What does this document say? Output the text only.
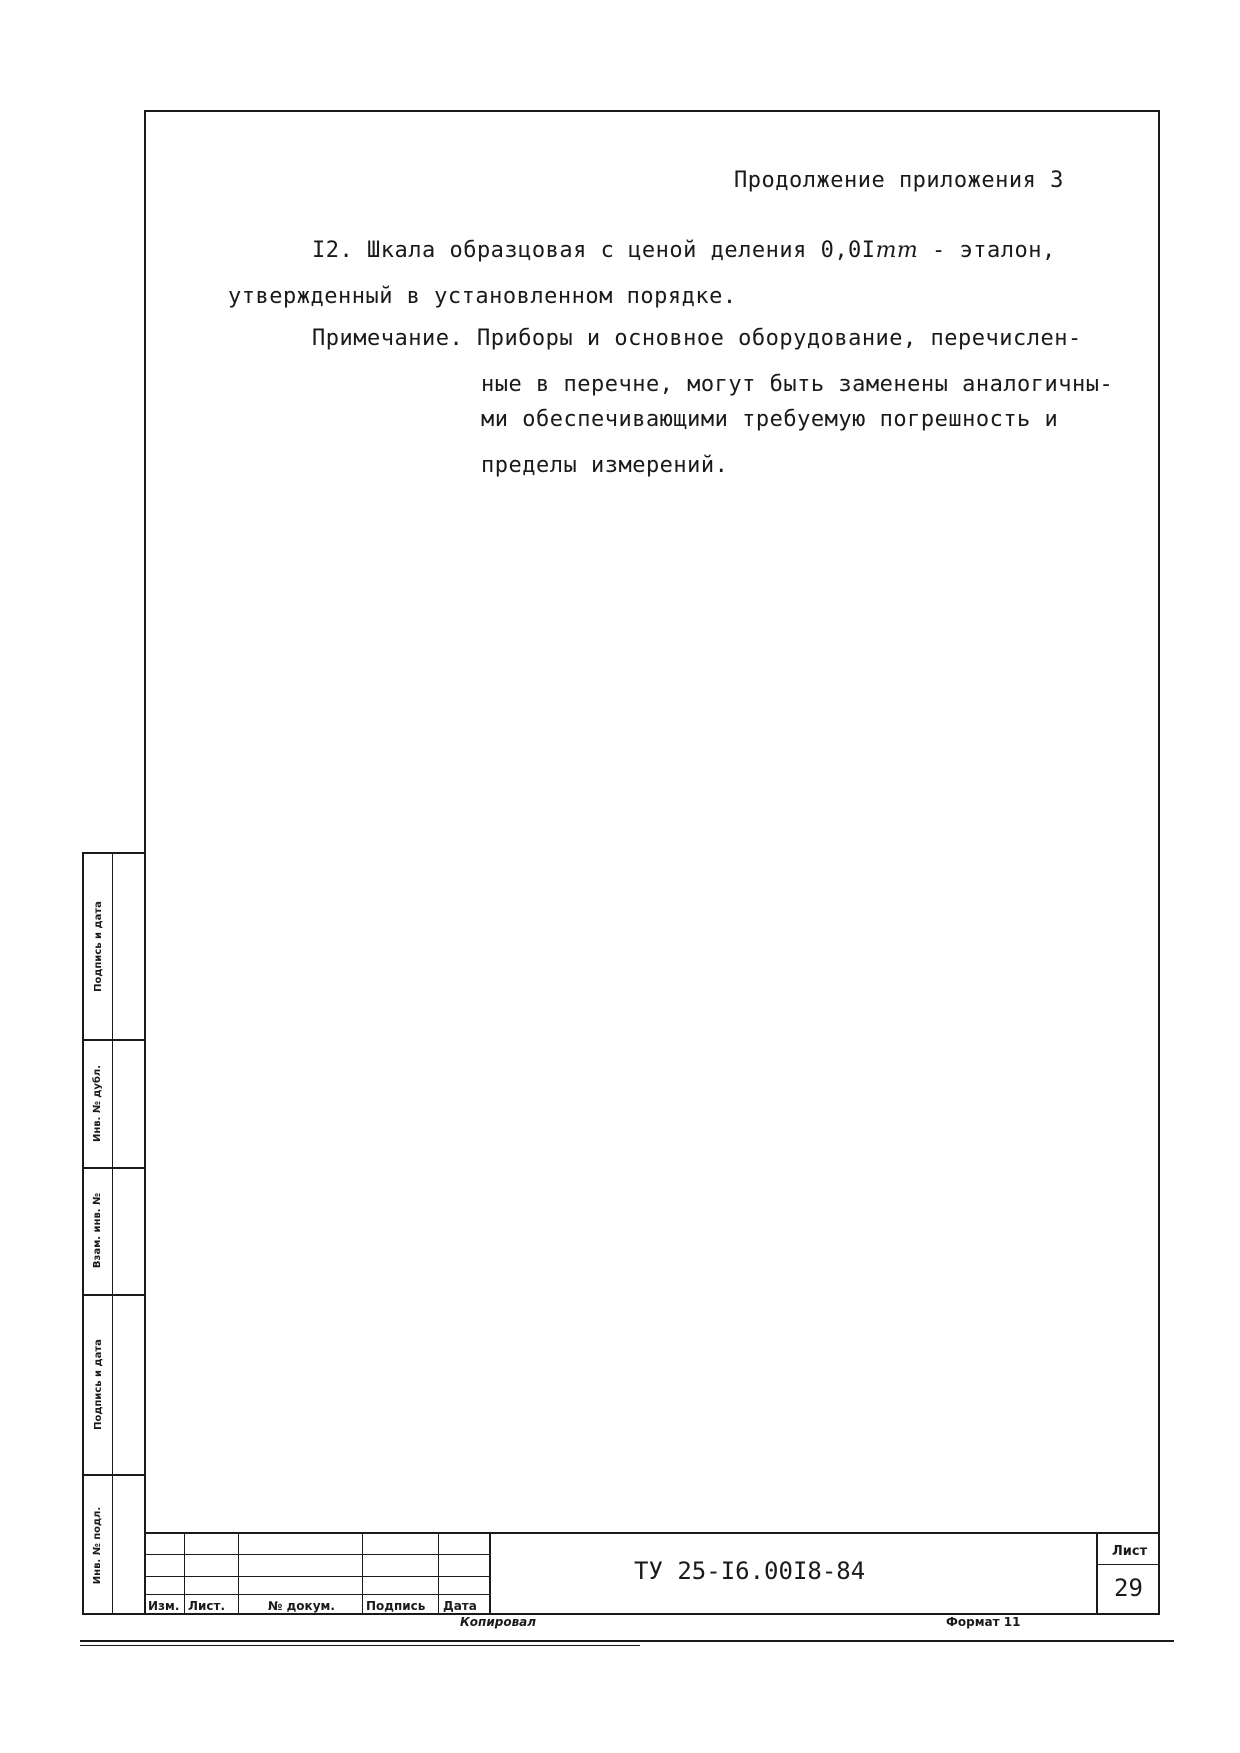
Продолжение приложения 3
I2. Шкала образцовая с ценой деления 0,0Imm - эталон,
утвержденный в установленном порядке.
Примечание. Приборы и основное оборудование, перечислен-
ные в перечне, могут быть заменены аналогичны-
ми обеспечивающими требуемую погрешность и
пределы измерений.
Подпись и дата
Инв. № дубл.
Взам. инв. №
Подпись и дата
Инв. № подл.
Изм. Лист.	№ докум.	Подпись Дата
ТУ 25-I6.00I8-84
Лист
29
Копировал	Формат 11
